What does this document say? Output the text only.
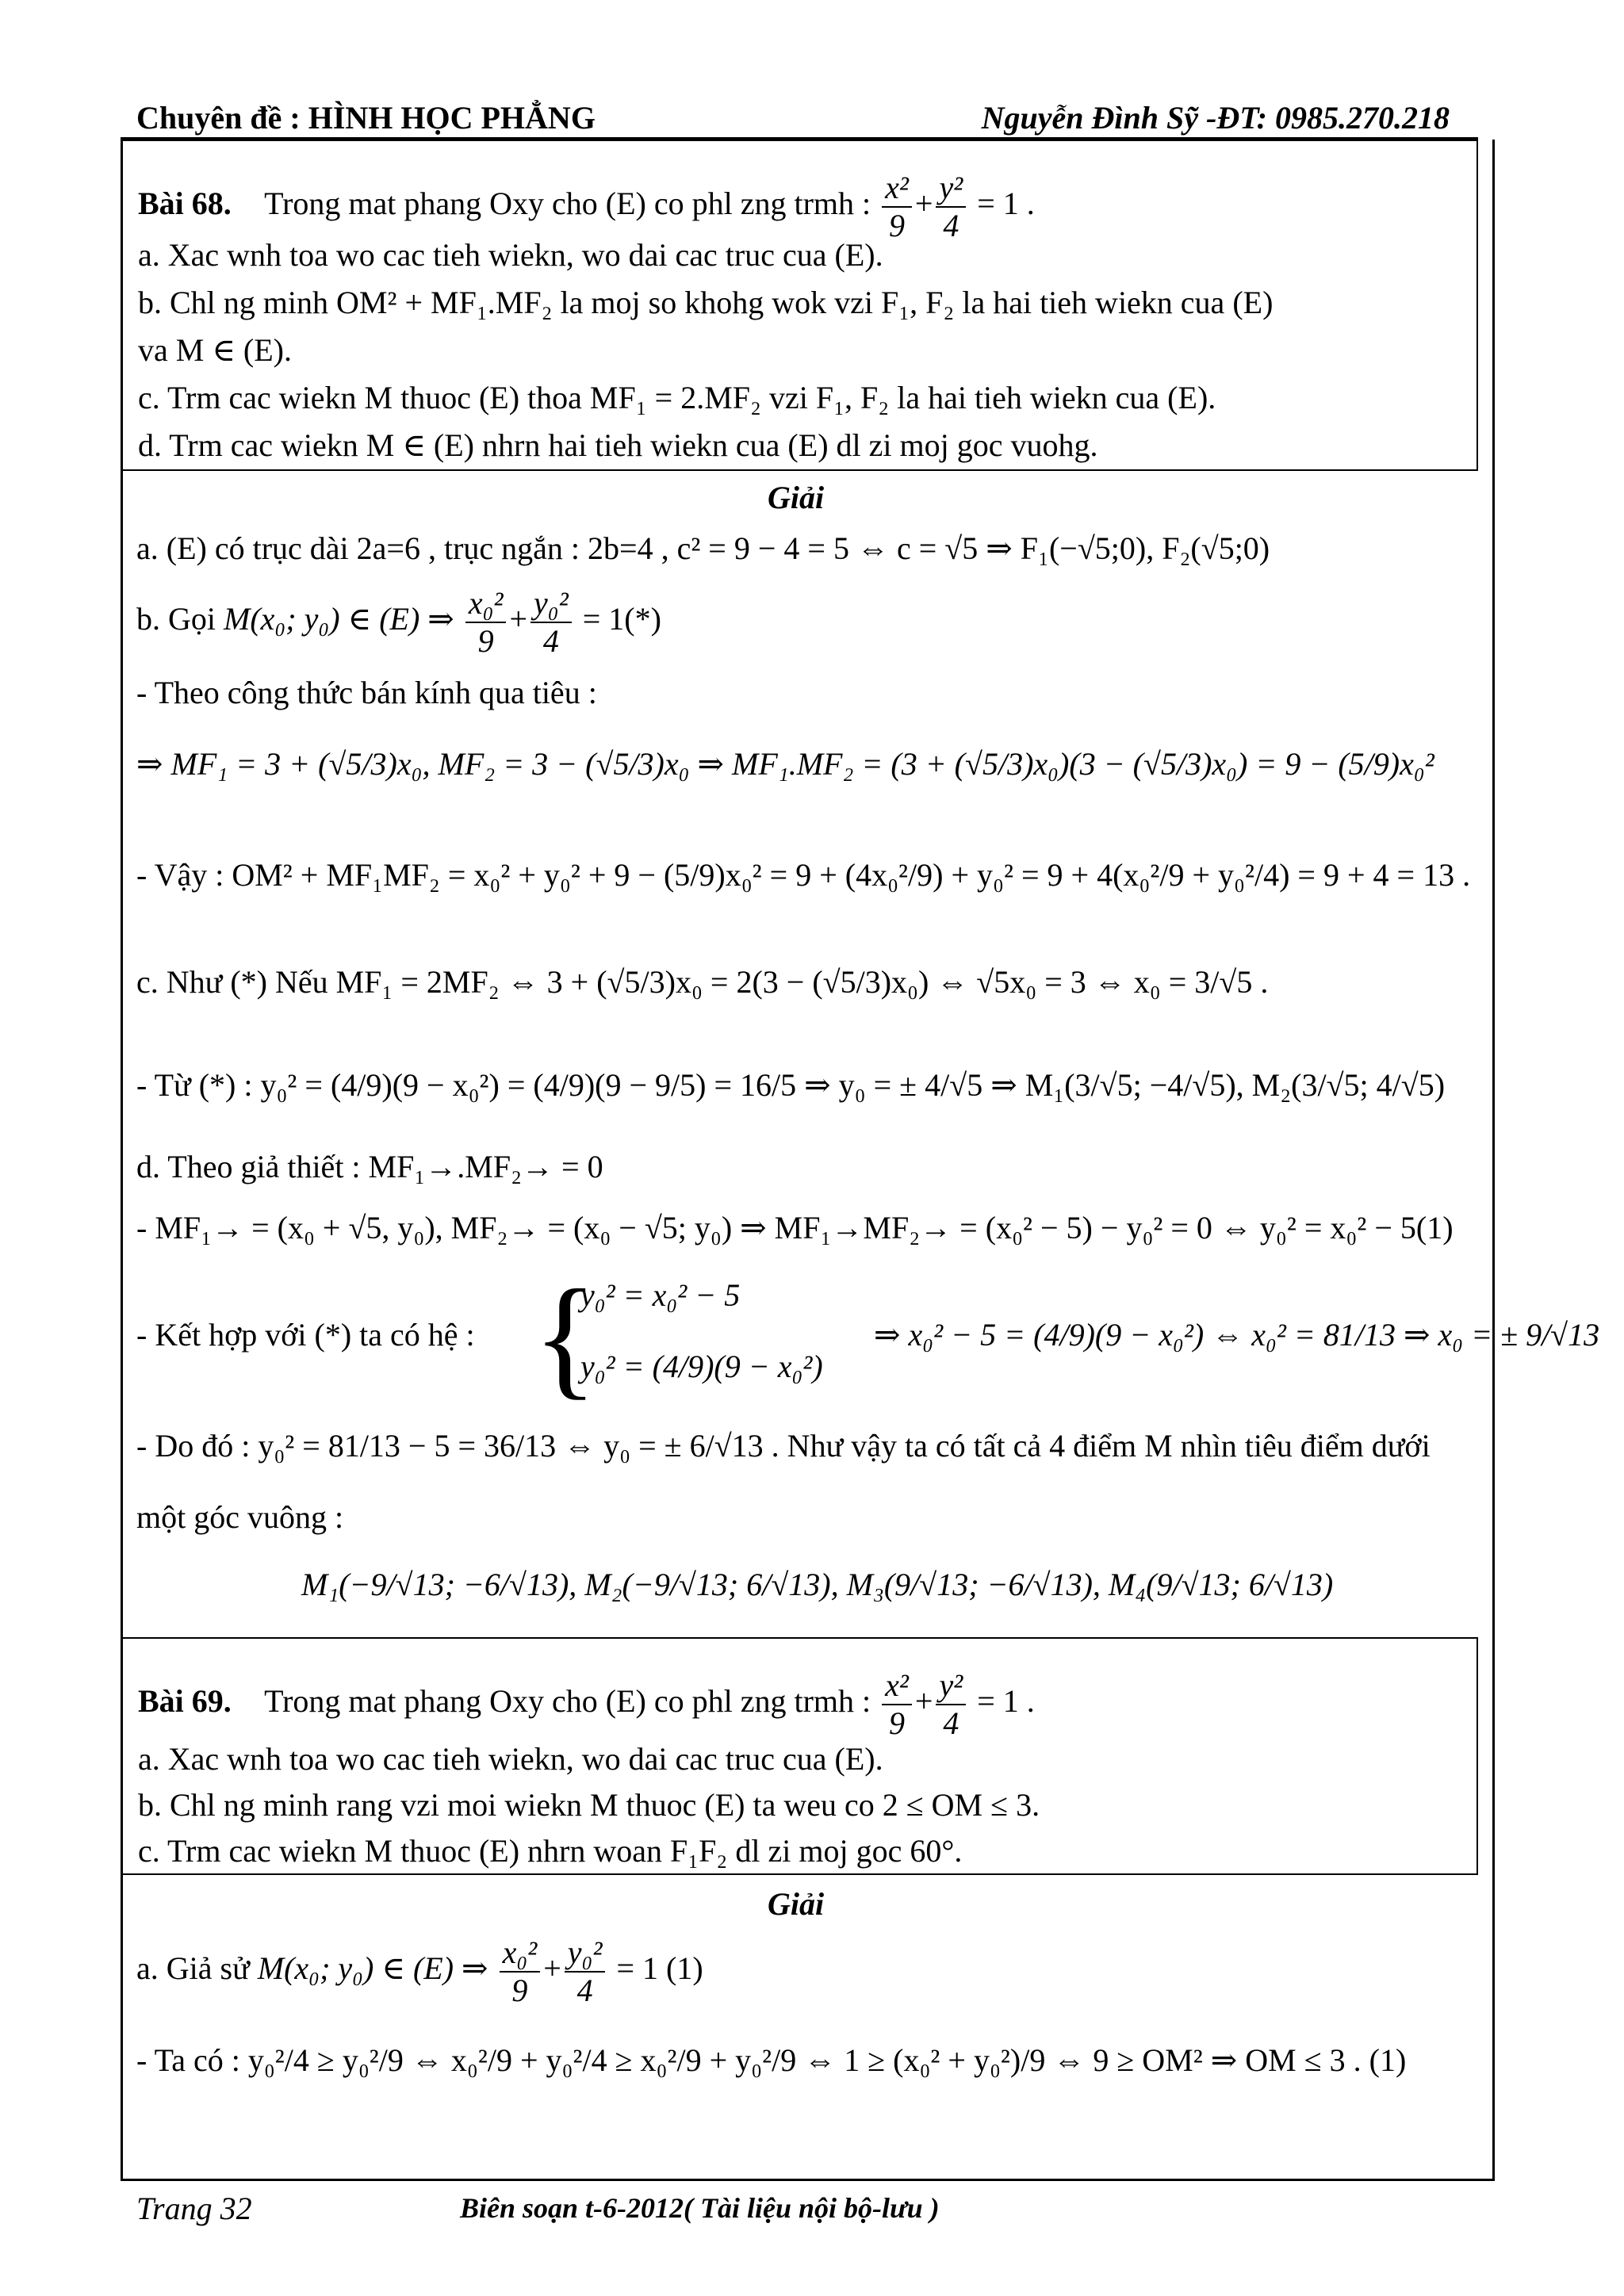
Chuyên đề : HÌNH HỌC PHẲNG	Nguyễn Đình Sỹ -ĐT: 0985.270.218
Bài 68. Trong mat phang Oxy cho (E) co phl zng trmh : $\frac{\text{x²}}{9} + \frac{\text{y²}}{4} = 1$ .
a. Xac wnh toa wo cac tieh wiekn, wo dai cac truc cua (E).
b. Chl ng minh OM² + MF₁.MF₂ la moj so khohg wok vzi F₁, F₂ la hai tieh wiekn cua (E)
va M ∈ (E).
c. Trm cac wiekn M thuoc (E) thoa MF₁ = 2.MF₂ vzi F₁, F₂ la hai tieh wiekn cua (E).
d. Trm cac wiekn M ∈ (E) nhrn hai tieh wiekn cua (E) dl zi moj goc vuohg.
Giải
a. (E) có trục dài 2a=6 , trục ngắn : 2b=4 , c² = 9 − 4 = 5 ⇔ c = √5 ⇒ F₁(−√5;0), F₂(√5;0)
b. Gọi M(x₀; y₀) ∈ (E) ⇒ $\frac{\text{x₀²}}{9} + \frac{\text{y₀²}}{4} = 1(*)$
- Theo công thức bán kính qua tiêu :
⇒ MF₁ = 3 + (√5/3)x₀, MF₂ = 3 − (√5/3)x₀ ⇒ MF₁.MF₂ = (3 + (√5/3)x₀)(3 − (√5/3)x₀) = 9 − (5/9)x₀²
- Vậy : OM² + MF₁MF₂ = x₀² + y₀² + 9 − (5/9)x₀² = 9 + (4x₀²/9) + y₀² = 9 + 4(x₀²/9 + y₀²/4) = 9 + 4 = 13 .
c. Như (*) Nếu MF₁ = 2MF₂ ⇔ 3 + (√5/3)x₀ = 2(3 − (√5/3)x₀) ⇔ √5x₀ = 3 ⇔ x₀ = 3/√5 .
- Từ (*) : y₀² = (4/9)(9 − x₀²) = (4/9)(9 − 9/5) = 16/5 ⇒ y₀ = ± 4/√5 ⇒ M₁(3/√5; −4/√5), M₂(3/√5; 4/√5)
d. Theo giả thiết : MF₁→.MF₂→ = 0
- MF₁→ = (x₀ + √5, y₀), MF₂→ = (x₀ − √5; y₀) ⇒ MF₁→MF₂→ = (x₀² − 5) − y₀² = 0 ⇔ y₀² = x₀² − 5(1)
- Kết hợp với (*) ta có hệ : {
y₀² = x₀² − 5
y₀² = (4/9)(9 − x₀²)
⇒ x₀² − 5 = (4/9)(9 − x₀²) ⇔ x₀² = 81/13 ⇒ x₀ = ± 9/√13
- Do đó : y₀² = 81/13 − 5 = 36/13 ⇔ y₀ = ± 6/√13 . Như vậy ta có tất cả 4 điểm M nhìn tiêu điểm dưới
một góc vuông :
M₁(−9/√13; −6/√13), M₂(−9/√13; 6/√13), M₃(9/√13; −6/√13), M₄(9/√13; 6/√13)
Bài 69. Trong mat phang Oxy cho (E) co phl zng trmh : $\frac{\text{x²}}{9} + \frac{\text{y²}}{4} = 1$ .
a. Xac wnh toa wo cac tieh wiekn, wo dai cac truc cua (E).
b. Chl ng minh rang vzi moi wiekn M thuoc (E) ta weu co 2 ≤ OM ≤ 3.
c. Trm cac wiekn M thuoc (E) nhrn woan F₁F₂ dl zi moj goc 60°.
Giải
a. Giả sử M(x₀; y₀) ∈ (E) ⇒ $\frac{\text{x₀²}}{9} + \frac{\text{y₀²}}{4} = 1$ (1)
- Ta có : y₀²/4 ≥ y₀²/9 ⇔ x₀²/9 + y₀²/4 ≥ x₀²/9 + y₀²/9 ⇔ 1 ≥ (x₀² + y₀²)/9 ⇔ 9 ≥ OM² ⇒ OM ≤ 3 . (1)
Trang 32	Biên soạn t-6-2012( Tài liệu nội bộ-lưu )
